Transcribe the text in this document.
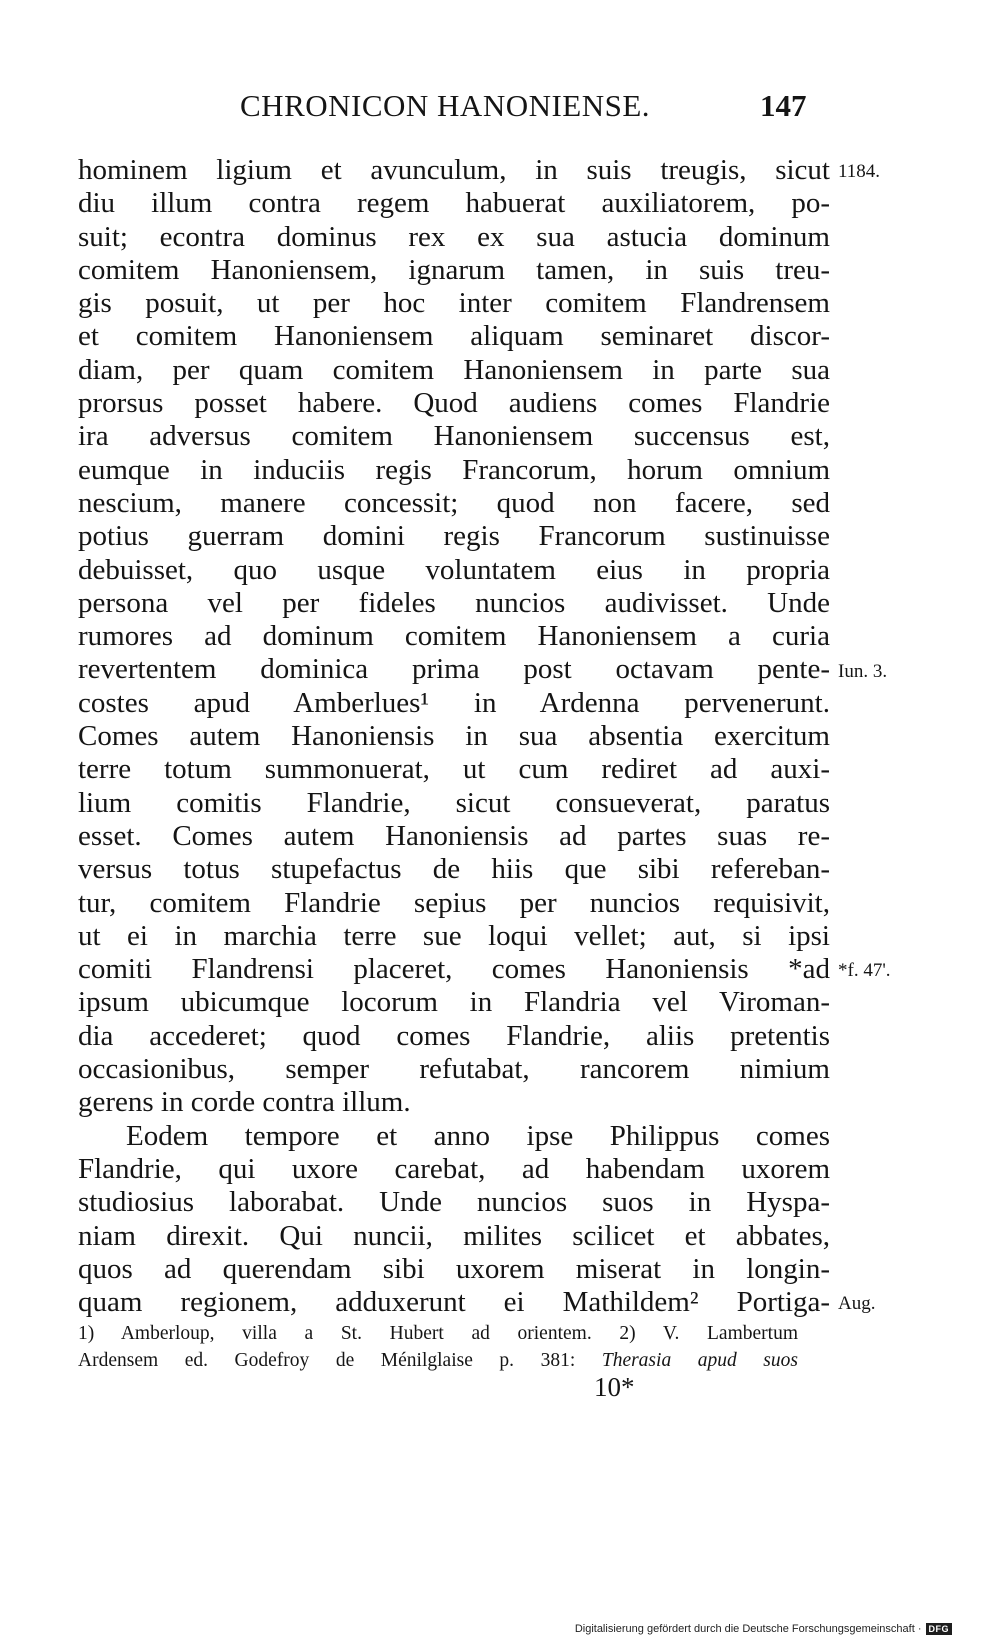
CHRONICON HANONIENSE.	147
hominem ligium et avunculum, in suis treugis, sicut
diu illum contra regem habuerat auxiliatorem, po-
suit; econtra dominus rex ex sua astucia dominum
comitem Hanoniensem, ignarum tamen, in suis treu-
gis posuit, ut per hoc inter comitem Flandrensem
et comitem Hanoniensem aliquam seminaret discor-
diam, per quam comitem Hanoniensem in parte sua
prorsus posset habere. Quod audiens comes Flandrie
ira adversus comitem Hanoniensem succensus est,
eumque in induciis regis Francorum, horum omnium
nescium, manere concessit; quod non facere, sed
potius guerram domini regis Francorum sustinuisse
debuisset, quo usque voluntatem eius in propria
persona vel per fideles nuncios audivisset. Unde
rumores ad dominum comitem Hanoniensem a curia
revertentem dominica prima post octavam pente-
costes apud Amberlues¹ in Ardenna pervenerunt.
Comes autem Hanoniensis in sua absentia exercitum
terre totum summonuerat, ut cum rediret ad auxi-
lium comitis Flandrie, sicut consueverat, paratus
esset. Comes autem Hanoniensis ad partes suas re-
versus totus stupefactus de hiis que sibi refereban-
tur, comitem Flandrie sepius per nuncios requisivit,
ut ei in marchia terre sue loqui vellet; aut, si ipsi
comiti Flandrensi placeret, comes Hanoniensis *ad
ipsum ubicumque locorum in Flandria vel Viroman-
dia accederet; quod comes Flandrie, aliis pretentis
occasionibus, semper refutabat, rancorem nimium
gerens in corde contra illum.
Eodem tempore et anno ipse Philippus comes
Flandrie, qui uxore carebat, ad habendam uxorem
studiosius laborabat. Unde nuncios suos in Hyspa-
niam direxit. Qui nuncii, milites scilicet et abbates,
quos ad querendam sibi uxorem miserat in longin-
quam regionem, adduxerunt ei Mathildem² Portiga-
1184.
Iun. 3.
*f. 47'.
Aug.
1) Amberloup, villa a St. Hubert ad orientem. 2) V. Lambertum
Ardensem ed. Godefroy de Ménilglaise p. 381: Therasia apud suos
10*
Digitalisierung gefördert durch die Deutsche Forschungsgemeinschaft · DFG
